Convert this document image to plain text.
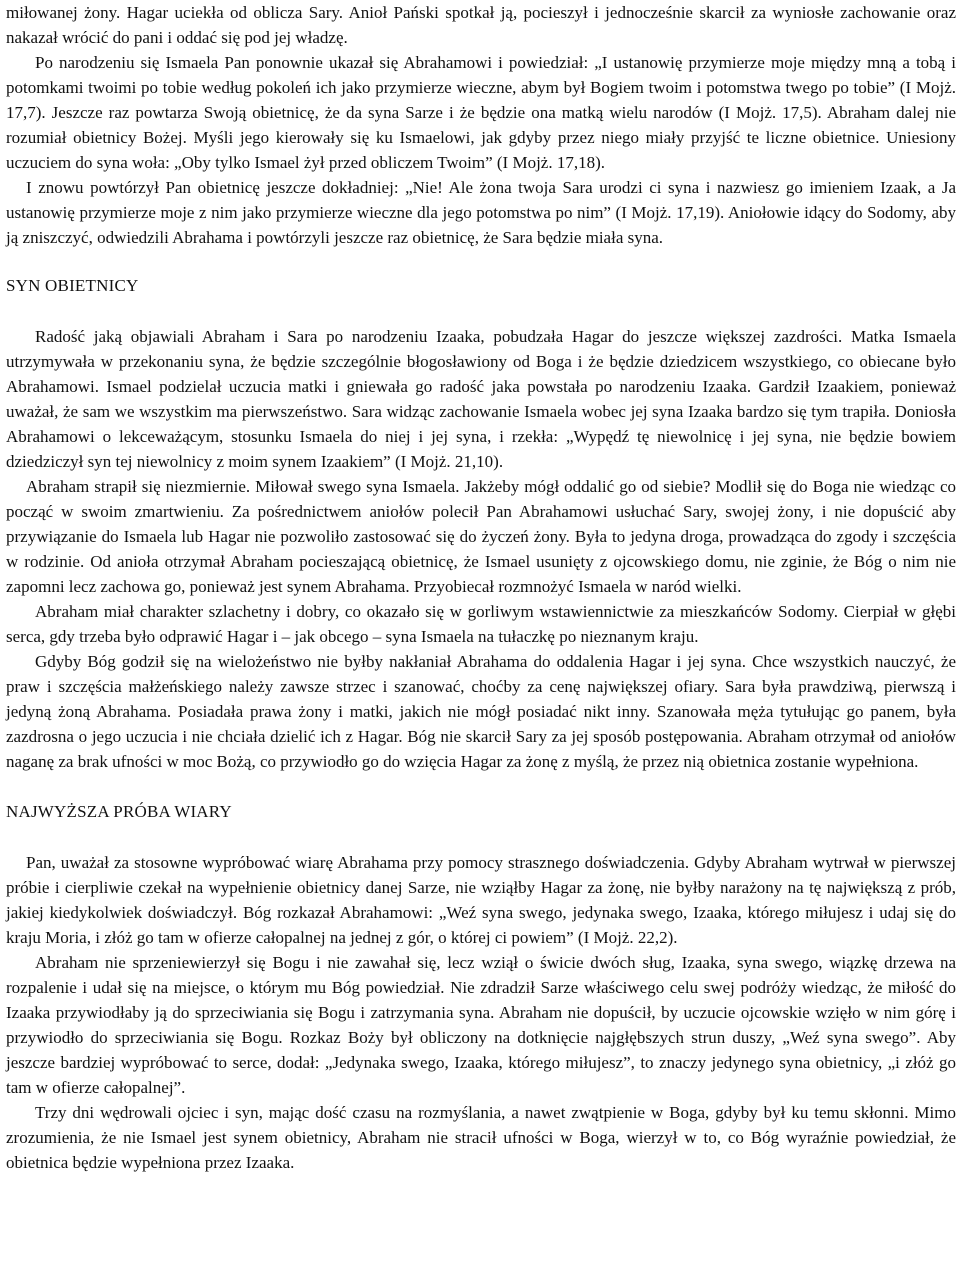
miłowanej żony. Hagar uciekła od oblicza Sary. Anioł Pański spotkał ją, pocieszył i jednocześnie skarcił za wyniosłe zachowanie oraz nakazał wrócić do pani i oddać się pod jej władzę.

Po narodzeniu się Ismaela Pan ponownie ukazał się Abrahamowi i powiedział: „I ustanowię przymierze moje między mną a tobą i potomkami twoimi po tobie według pokoleń ich jako przymierze wieczne, abym był Bogiem twoim i potomstwa twego po tobie” (I Mojż. 17,7). Jeszcze raz powtarza Swoją obietnicę, że da syna Sarze i że będzie ona matką wielu narodów (I Mojż. 17,5). Abraham dalej nie rozumiał obietnicy Bożej. Myśli jego kierowały się ku Ismaelowi, jak gdyby przez niego miały przyjść te liczne obietnice. Uniesiony uczuciem do syna woła: „Oby tylko Ismael żył przed obliczem Twoim” (I Mojż. 17,18).

I znowu powtórzył Pan obietnicę jeszcze dokładniej: „Nie! Ale żona twoja Sara urodzi ci syna i nazwiesz go imieniem Izaak, a Ja ustanowię przymierze moje z nim jako przymierze wieczne dla jego potomstwa po nim” (I Mojż. 17,19). Aniołowie idący do Sodomy, aby ją zniszczyć, odwiedzili Abrahama i powtórzyli jeszcze raz obietnicę, że Sara będzie miała syna.

SYN OBIETNICY

Radość jaką objawiali Abraham i Sara po narodzeniu Izaaka, pobudzała Hagar do jeszcze większej zazdrości. Matka Ismaela utrzymywała w przekonaniu syna, że będzie szczególnie błogosławiony od Boga i że będzie dziedzicem wszystkiego, co obiecane było Abrahamowi. Ismael podzielał uczucia matki i gniewała go radość jaka powstała po narodzeniu Izaaka. Gardził Izaakiem, ponieważ uważał, że sam we wszystkim ma pierwszeństwo. Sara widząc zachowanie Ismaela wobec jej syna Izaaka bardzo się tym trapiła. Doniosła Abrahamowi o lekceważącym, stosunku Ismaela do niej i jej syna, i rzekła: „Wypędź tę niewolnicę i jej syna, nie będzie bowiem dziedziczył syn tej niewolnicy z moim synem Izaakiem” (I Mojż. 21,10).

Abraham strapił się niezmiernie. Miłował swego syna Ismaela. Jakżeby mógł oddalić go od siebie? Modlił się do Boga nie wiedząc co począć w swoim zmartwieniu. Za pośrednictwem aniołów polecił Pan Abrahamowi usłuchać Sary, swojej żony, i nie dopuścić aby przywiązanie do Ismaela lub Hagar nie pozwoliło zastosować się do życzeń żony. Była to jedyna droga, prowadząca do zgody i szczęścia w rodzinie. Od anioła otrzymał Abraham pocieszającą obietnicę, że Ismael usunięty z ojcowskiego domu, nie zginie, że Bóg o nim nie zapomni lecz zachowa go, ponieważ jest synem Abrahama. Przyobiecał rozmnożyć Ismaela w naród wielki.

Abraham miał charakter szlachetny i dobry, co okazało się w gorliwym wstawiennictwie za mieszkańców Sodomy. Cierpiał w głębi serca, gdy trzeba było odprawić Hagar i – jak obcego – syna Ismaela na tułaczkę po nieznanym kraju.

Gdyby Bóg godził się na wielożeństwo nie byłby nakłaniał Abrahama do oddalenia Hagar i jej syna. Chce wszystkich nauczyć, że praw i szczęścia małżeńskiego należy zawsze strzec i szanować, choćby za cenę największej ofiary. Sara była prawdziwą, pierwszą i jedyną żoną Abrahama. Posiadała prawa żony i matki, jakich nie mógł posiadać nikt inny. Szanowała męża tytułując go panem, była zazdrosna o jego uczucia i nie chciała dzielić ich z Hagar. Bóg nie skarcił Sary za jej sposób postępowania. Abraham otrzymał od aniołów naganę za brak ufności w moc Bożą, co przywiodło go do wzięcia Hagar za żonę z myślą, że przez nią obietnica zostanie wypełniona.

NAJWYŻSZA PRÓBA WIARY

Pan, uważał za stosowne wypróbować wiarę Abrahama przy pomocy strasznego doświadczenia. Gdyby Abraham wytrwał w pierwszej próbie i cierpliwie czekał na wypełnienie obietnicy danej Sarze, nie wziąłby Hagar za żonę, nie byłby narażony na tę największą z prób, jakiej kiedykolwiek doświadczył. Bóg rozkazał Abrahamowi: „Weź syna swego, jedynaka swego, Izaaka, którego miłujesz i udaj się do kraju Moria, i złóż go tam w ofierze całopalnej na jednej z gór, o której ci powiem” (I Mojż. 22,2).

Abraham nie sprzeniewierzył się Bogu i nie zawahał się, lecz wziął o świcie dwóch sług, Izaaka, syna swego, wiązkę drzewa na rozpalenie i udał się na miejsce, o którym mu Bóg powiedział. Nie zdradził Sarze właściwego celu swej podróży wiedząc, że miłość do Izaaka przywiodłaby ją do sprzeciwiania się Bogu i zatrzymania syna. Abraham nie dopuścił, by uczucie ojcowskie wzięło w nim górę i przywiodło do sprzeciwiania się Bogu. Rozkaz Boży był obliczony na dotknięcie najgłębszych strun duszy, „Weź syna swego”. Aby jeszcze bardziej wypróbować to serce, dodał: „Jedynaka swego, Izaaka, którego miłujesz”, to znaczy jedynego syna obietnicy, „i złóż go tam w ofierze całopalnej”.

Trzy dni wędrowali ojciec i syn, mając dość czasu na rozmyślania, a nawet zwątpienie w Boga, gdyby był ku temu skłonni. Mimo zrozumienia, że nie Ismael jest synem obietnicy, Abraham nie stracił ufności w Boga, wierzył w to, co Bóg wyraźnie powiedział, że obietnica będzie wypełniona przez Izaaka.
